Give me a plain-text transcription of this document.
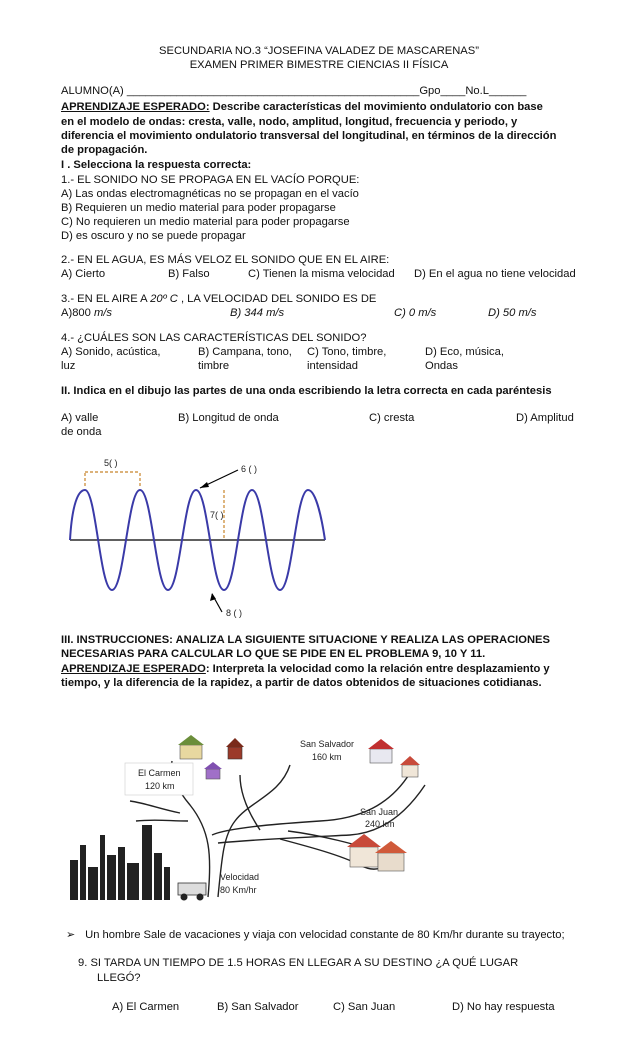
SECUNDARIA NO.3 “JOSEFINA VALADEZ DE MASCARENAS”
EXAMEN PRIMER BIMESTRE CIENCIAS II FÍSICA
ALUMNO(A) _______________________________________________Gpo____No.L______
APRENDIZAJE ESPERADO: Describe características del movimiento ondulatorio con base
en el modelo de ondas: cresta, valle, nodo, amplitud, longitud, frecuencia y periodo, y
diferencia el movimiento ondulatorio transversal del longitudinal, en términos de la dirección
de propagación.
I . Selecciona la respuesta correcta:
1.- EL SONIDO NO SE PROPAGA EN EL VACÍO PORQUE:
A) Las ondas electromagnéticas no se propagan en el vacío
B) Requieren un medio material para poder propagarse
C) No requieren un medio material para poder propagarse
D) es oscuro y no se puede propagar
2.- EN EL AGUA, ES MÁS VELOZ EL SONIDO QUE EN EL AIRE:
A) Cierto	B) Falso	C) Tienen la misma velocidad D) En el agua no tiene velocidad
3.- EN EL AIRE A 20º C , LA VELOCIDAD DEL SONIDO ES DE
A)800 m/s	B) 344 m/s	C) 0 m/s	D) 50 m/s
4.- ¿CUÁLES SON LAS CARACTERÍSTICAS DEL SONIDO?
A) Sonido, acústica,	B) Campana, tono, C) Tono, timbre,	D) Eco, música,
luz	timbre	intensidad	Ondas
II. Indica en el dibujo las partes de una onda escribiendo la letra correcta en cada paréntesis
A) valle	B) Longitud de onda	C) cresta	D) Amplitud
de onda
5( )
6 ( )
7( )
8 ( )
III. INSTRUCCIONES: ANALIZA LA SIGUIENTE SITUACIONE Y REALIZA LAS OPERACIONES
NECESARIAS PARA CALCULAR LO QUE SE PIDE EN EL PROBLEMA 9, 10 Y 11.
APRENDIZAJE ESPERADO: Interpreta la velocidad como la relación entre desplazamiento y
tiempo, y la diferencia de la rapidez, a partir de datos obtenidos de situaciones cotidianas.
El Carmen
120 km
San Salvador
160 km
San Juan
240 km
Velocidad
80 Km/hr
➢ Un hombre Sale de vacaciones y viaja con velocidad constante de 80 Km/hr durante su trayecto;
9. SI TARDA UN TIEMPO DE 1.5 HORAS EN LLEGAR A SU DESTINO ¿A QUÉ LUGAR
LLEGÓ?
A) El Carmen	B) San Salvador	C) San Juan	D) No hay respuesta
